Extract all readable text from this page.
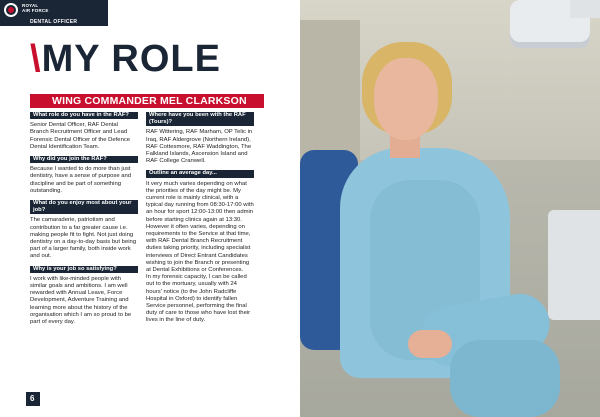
ROYAL
AIR FORCE
DENTAL OFFICER
\MY ROLE
WING COMMANDER MEL CLARKSON
What role do you have in the RAF?

Senior Dental Officer, RAF Dental Branch Recruitment Officer and Lead Forensic Dental Officer of the Defence Dental Identification Team.

Why did you join the RAF?

Because I wanted to do more than just dentistry, have a sense of purpose and discipline and be part of something outstanding.

What do you enjoy most about your job?

The camaraderie, patriotism and contribution to a far greater cause i.e. making people fit to fight. Not just doing dentistry on a day-to-day basis but being part of a larger family, both inside work and out.

Why is your job so satisfying?

I work with like-minded people with similar goals and ambitions. I am well rewarded with Annual Leave, Force Development, Adventure Training and learning more about the history of the organisation which I am so proud to be part of every day.

Where have you been with the RAF (Tours)?

RAF Wittering, RAF Marham, OP Telic in Iraq, RAF Aldergrove (Northern Ireland), RAF Cottesmore, RAF Waddington, The Falkland Islands, Ascension Island and RAF College Cranwell.

Outline an average day...

It very much varies depending on what the priorities of the day might be. My current role is mainly clinical, with a typical day running from 08:30-17:00 with an hour for sport 12:00-13:00 then admin before starting clinics again at 13:30. However it often varies, depending on requirements to the Service at that time, with RAF Dental Branch Recruitment duties taking priority, including specialist interviews of Direct Entrant Candidates wishing to join the Branch or presenting at Dental Exhibitions or Conferences.
In my forensic capacity, I can be called out to the mortuary, usually with 24 hours' notice (to the John Radcliffe Hospital in Oxford) to identify fallen Service personnel, performing the final duty of care to those who have lost their lives in the line of duty.

6
